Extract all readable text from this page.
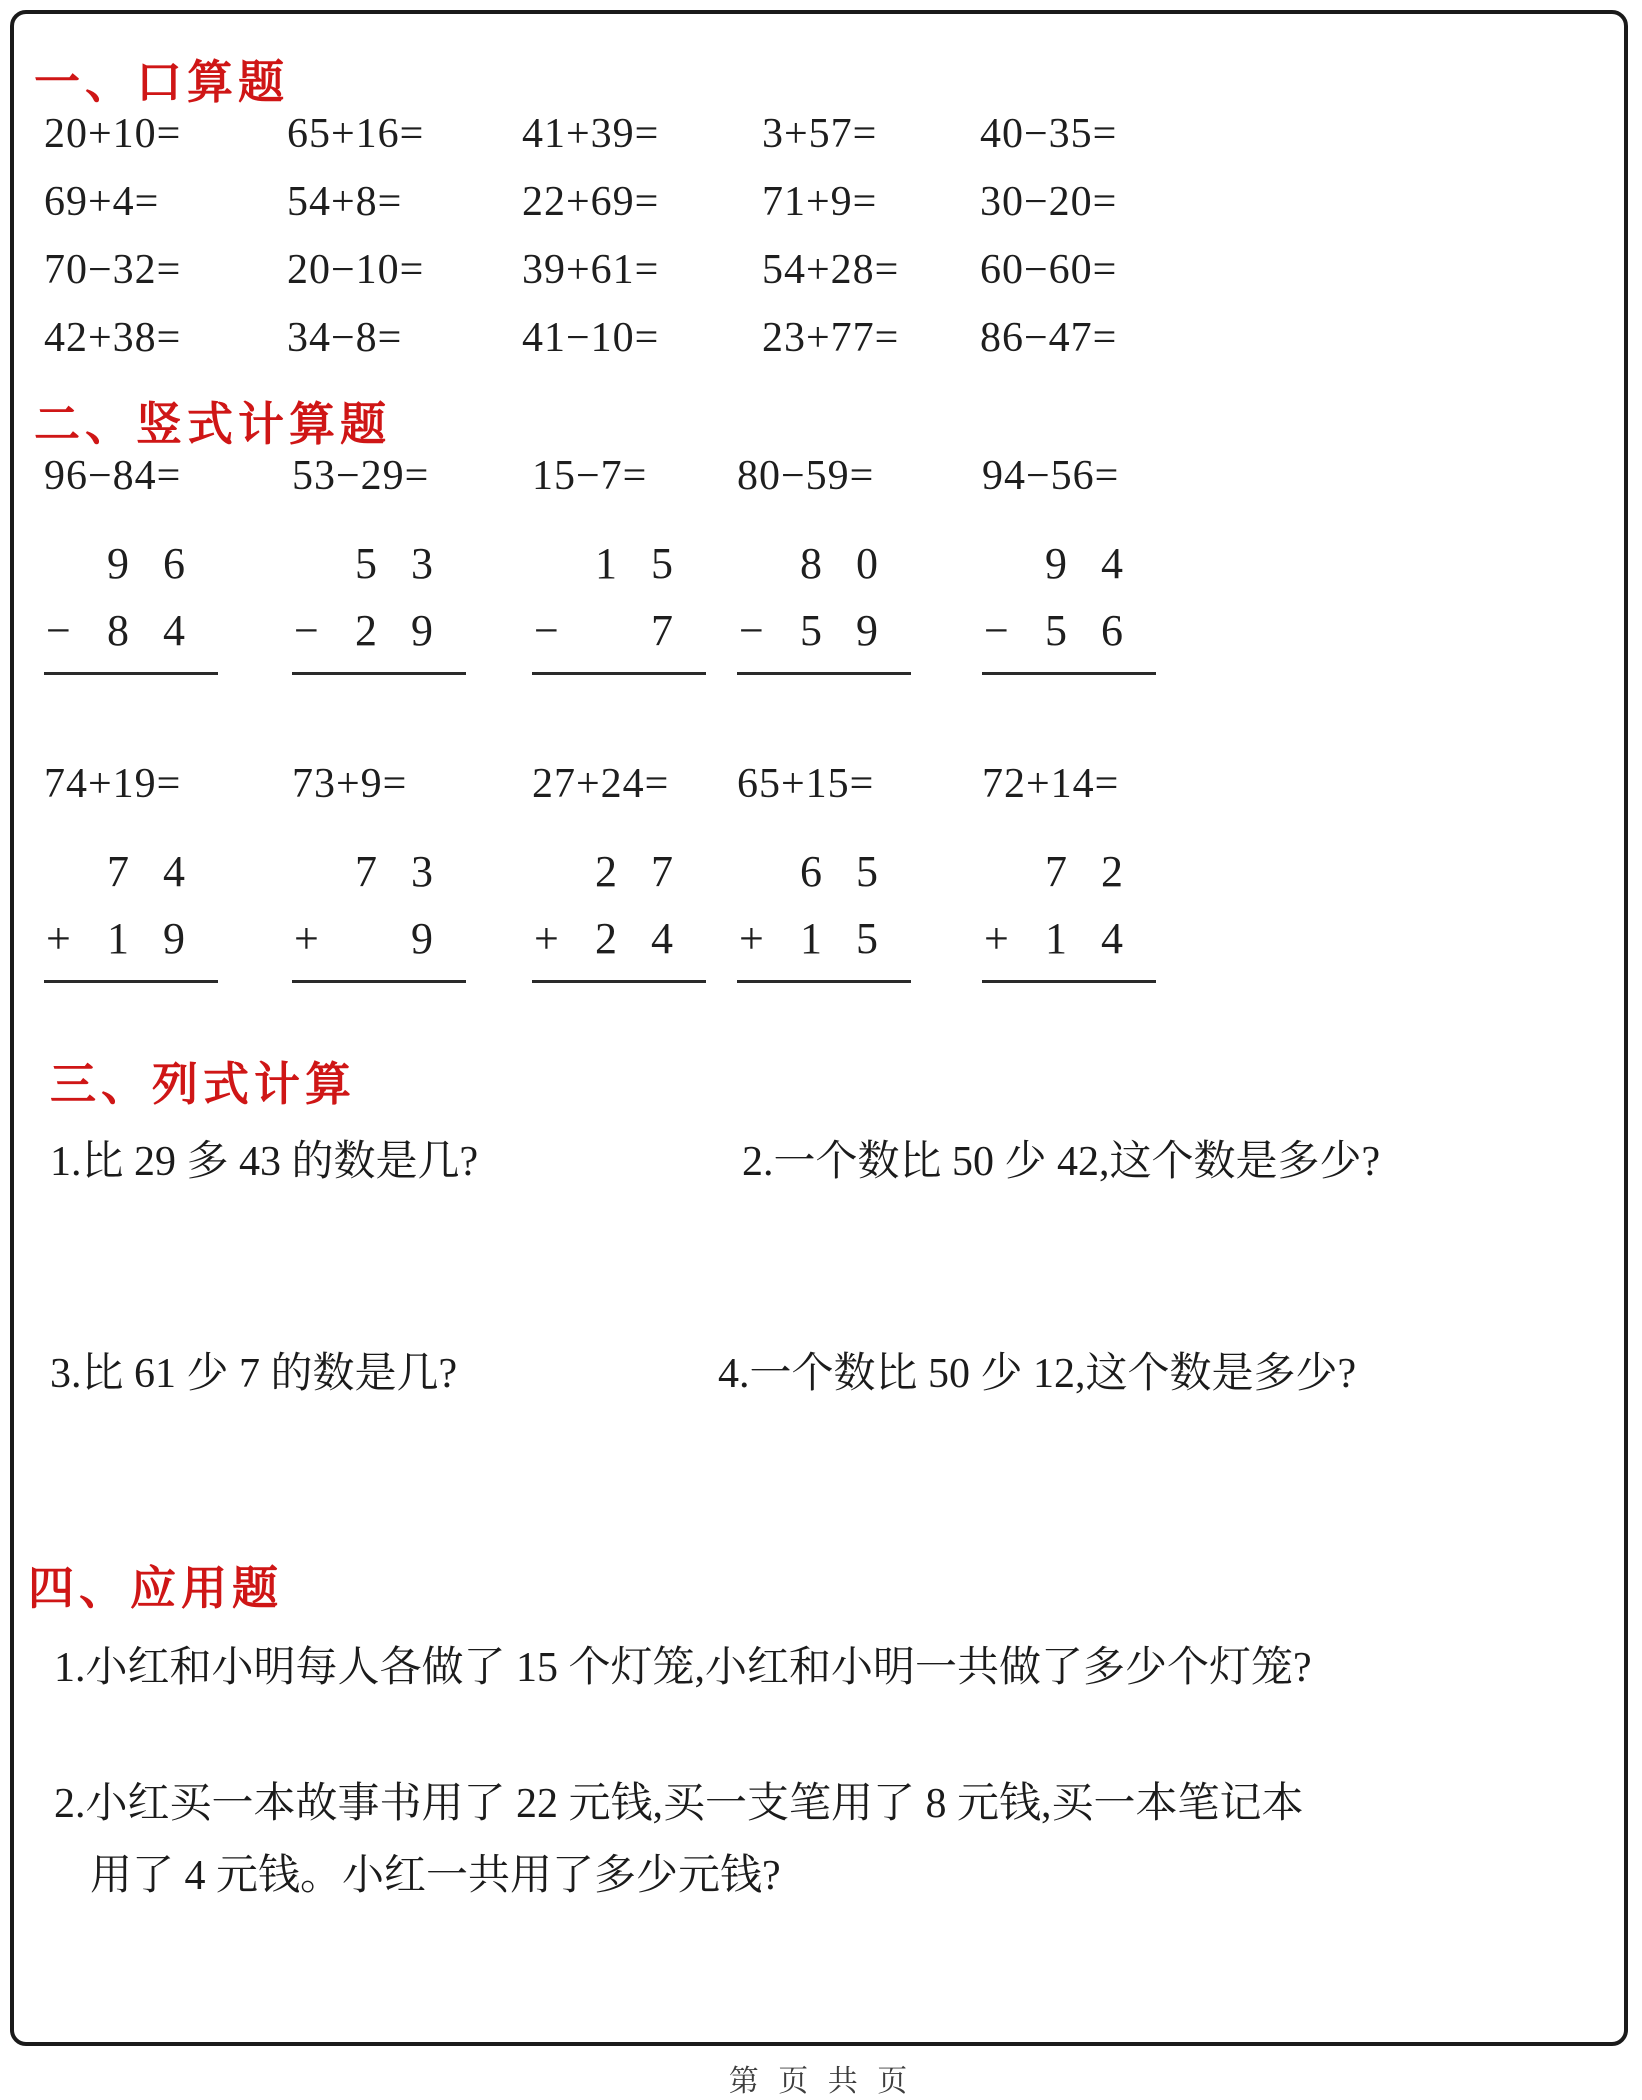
一、口算题
20+10=	65+16=	41+39=	3+57=	40−35=
69+4=	54+8=	22+69=	71+9=	30−20=
70−32=	20−10=	39+61=	54+28=	60−60=
42+38=	34−8=	41−10=	23+77=	86−47=
二、竖式计算题
96−84=
9 6
− 8 4
53−29=
5 3
− 2 9
15−7=
1 5
−	7
80−59=
8 0
− 5 9
94−56=
9 4
− 5 6
74+19=
7 4
+ 1 9
73+9=
7 3
+	9
27+24=
2 7
+ 2 4
65+15=
6 5
+ 1 5
72+14=
7 2
+ 1 4
三、列式计算
1.比 29 多 43 的数是几?	2.一个数比 50 少 42,这个数是多少?
3.比 61 少 7 的数是几?	4.一个数比 50 少 12,这个数是多少?
四、应用题
1.小红和小明每人各做了 15 个灯笼,小红和小明一共做了多少个灯笼?
2.小红买一本故事书用了 22 元钱,买一支笔用了 8 元钱,买一本笔记本
用了 4 元钱。小红一共用了多少元钱?
第 页 共 页
